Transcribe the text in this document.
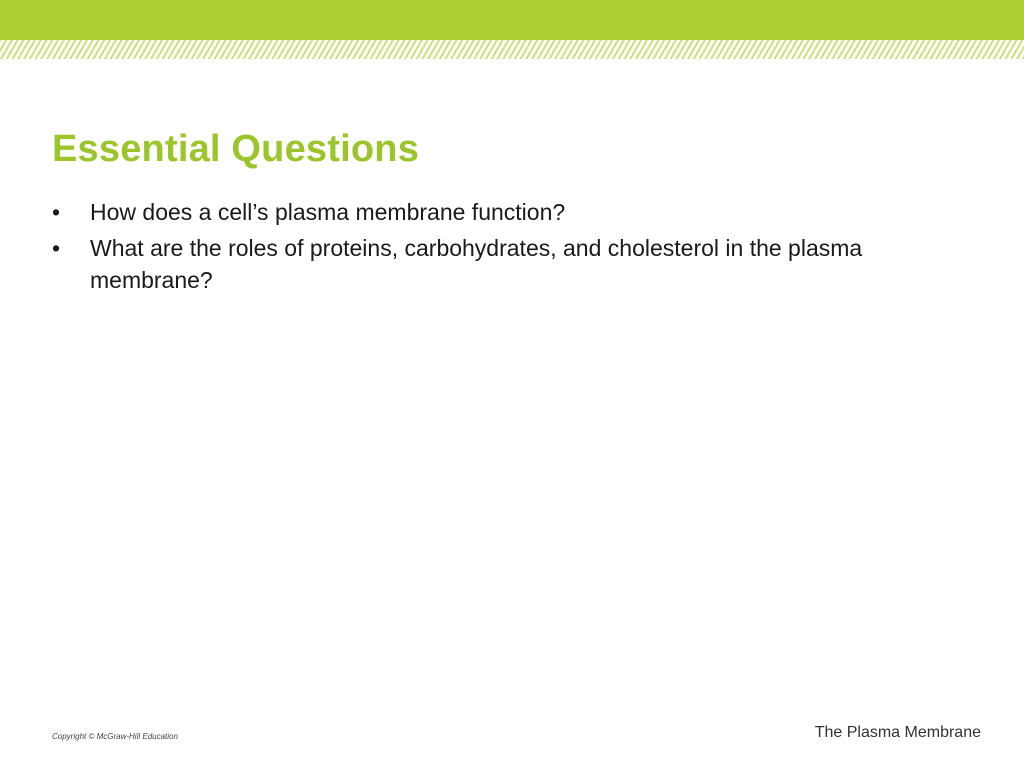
Essential Questions
•	How does a cell’s plasma membrane function?
•	What are the roles of proteins, carbohydrates, and cholesterol in the plasma membrane?
Copyright © McGraw-Hill Education	The Plasma Membrane
